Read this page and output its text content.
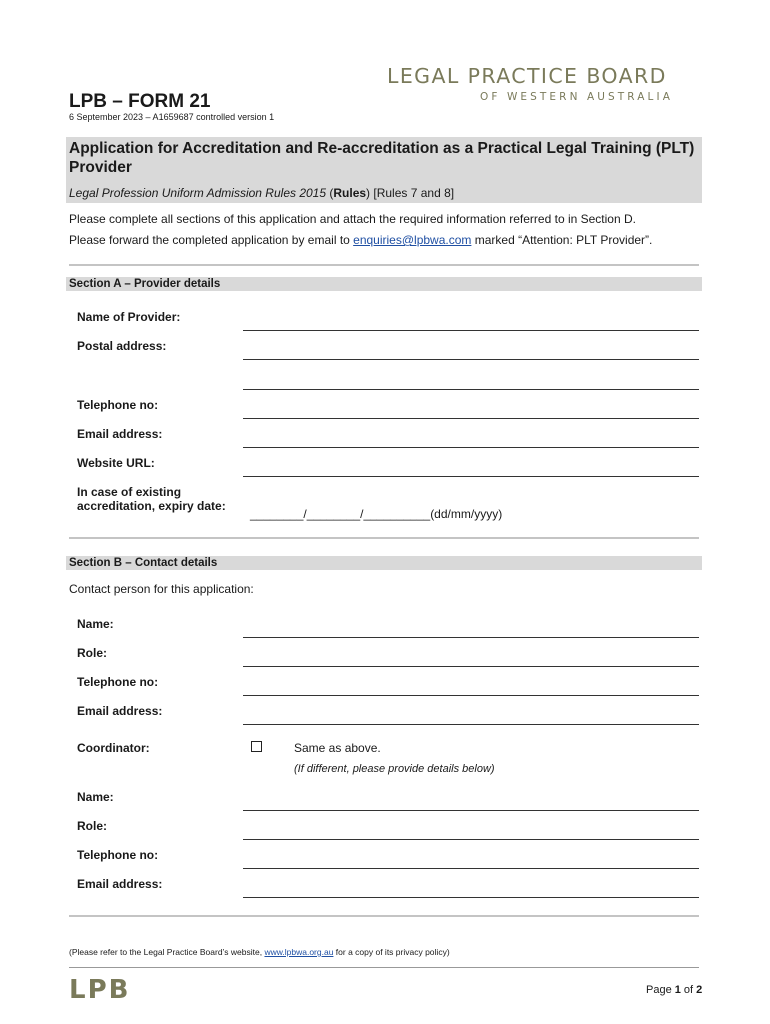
LEGAL PRACTICE BOARD
OF WESTERN AUSTRALIA
LPB – FORM 21
6 September 2023 – A1659687 controlled version 1
Application for Accreditation and Re-accreditation as a Practical Legal Training (PLT) Provider
Legal Profession Uniform Admission Rules 2015 (Rules) [Rules 7 and 8]
Please complete all sections of this application and attach the required information referred to in Section D.
Please forward the completed application by email to enquiries@lpbwa.com marked “Attention: PLT Provider”.
Section A – Provider details
Name of Provider:
Postal address:
Telephone no:
Email address:
Website URL:
In case of existing
accreditation, expiry date:
________/________/__________(dd/mm/yyyy)
Section B – Contact details
Contact person for this application:
Name:
Role:
Telephone no:
Email address:
Coordinator:	Same as above.
(If different, please provide details below)
Name:
Role:
Telephone no:
Email address:
(Please refer to the Legal Practice Board’s website, www.lpbwa.org.au for a copy of its privacy policy)
LPB	Page 1 of 2
